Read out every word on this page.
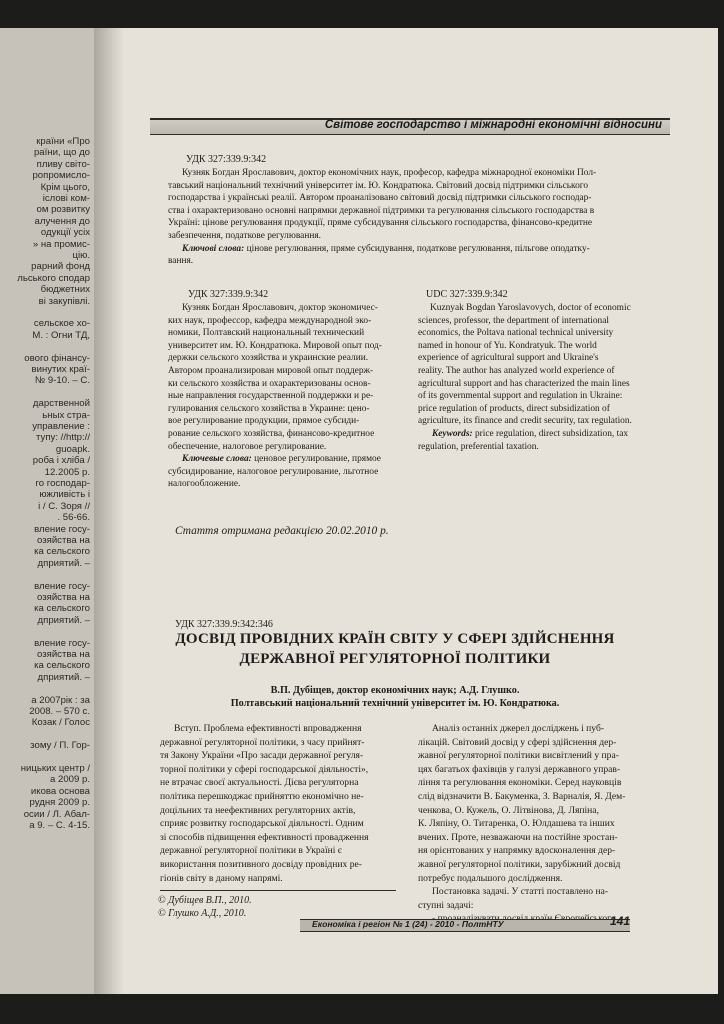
країни «Про
раїни, що до
пливу світо-
ропромисло-
Крім цього,
іслові ком-
ом розвитку
алучення до
одукції усіх
» на промис-
цію.
рарний фонд
льського сподар
бюджетних
ві закупівлі.
сельское хо-
М. : Огни ТД,
ового фінансу-
винутих краї-
№ 9-10. – С.
дарственной
ьных стра-
управление :
тупу: //http://
guoapk.
роба і хліба /
12.2005 р.
го господар-
южливість і
і / С. Зоря //
. 56-66.
вление госу-
озяйства на
ка сельского
дприятий. –
вление госу-
озяйства на
ка сельского
дприятий. –
вление госу-
озяйства на
ка сельского
дприятий. –
а 2007рік : за
2008. – 570 с.
Козак / Голос
зому / П. Гор-
ницьких центр /
а 2009 р.
икова основа
рудня 2009 р.
осии / Л. Абал-
а 9. – С. 4-15.
Світове господарство і міжнародні економічні відносини
УДК 327:339.9:342
Кузняк Богдан Ярославович, доктор економічних наук, професор, кафедра міжнародної економіки Пол-
тавський національний технічний університет ім. Ю. Кондратюка. Світовий досвід підтримки сільського
господарства і українські реалії. Автором проаналізовано світовий досвід підтримки сільського господар-
ства і охарактеризовано основні напрямки державної підтримки та регулювання сільського господарства в
Україні: цінове регулювання продукції, пряме субсидування сільського господарства, фінансово-кредитне
забезпечення, податкове регулювання.
Ключові слова: цінове регулювання, пряме субсидування, податкове регулювання, пільгове оподатку-
вання.
УДК 327:339.9:342
Кузняк Богдан Ярославович, доктор экономичес-
ких наук, профессор, кафедра международной эко-
номики, Полтавский национальный технический
университет им. Ю. Кондратюка. Мировой опыт под-
держки сельского хозяйства и украинские реалии.
Автором проанализирован мировой опыт поддерж-
ки сельского хозяйства и охарактеризованы основ-
ные направления государственной поддержки и ре-
гулирования сельского хозяйства в Украине: цено-
вое регулирование продукции, прямое субсиди-
рование сельского хозяйства, финансово-кредитное
обеспечение, налоговое регулирование.
Ключевые слова: ценовое регулирование, прямое
субсидирование, налоговое регулирование, льготное
налогообложение.
UDC 327:339.9:342
Kuznyak Bogdan Yaroslavovych, doctor of economic
sciences, professor, the department of international
economics, the Poltava national technical university
named in honour of Yu. Kondratyuk. The world
experience of agricultural support and Ukraine's
reality. The author has analyzed world experience of
agricultural support and has characterized the main lines
of its governmental support and regulation in Ukraine:
price regulation of products, direct subsidization of
agriculture, its finance and credit security, tax regulation.
Keywords: price regulation, direct subsidization, tax
regulation, preferential taxation.
Стаття отримана редакцією 20.02.2010 р.
УДК 327:339.9:342:346
ДОСВІД ПРОВІДНИХ КРАЇН СВІТУ У СФЕРІ ЗДІЙСНЕННЯ
ДЕРЖАВНОЇ РЕГУЛЯТОРНОЇ ПОЛІТИКИ
В.П. Дубіщев, доктор економічних наук; А.Д. Глушко.
Полтавський національний технічний університет ім. Ю. Кондратюка.
Вступ. Проблема ефективності впровадження
державної регуляторної політики, з часу прийнят-
тя Закону України «Про засади державної регуля-
торної політики у сфері господарської діяльності»,
не втрачає своєї актуальності. Дієва регуляторна
політика перешкоджає прийняттю економічно не-
доцільних та неефективних регуляторних актів,
сприяє розвитку господарської діяльності. Одним
зі способів підвищення ефективності провадження
державної регуляторної політики в Україні є
використання позитивного досвіду провідних ре-
гіонів світу в даному напрямі.
Аналіз останніх джерел досліджень і пуб-
лікацій. Світовий досвід у сфері здійснення дер-
жавної регуляторної політики висвітлений у пра-
цях багатьох фахівців у галузі державного управ-
ління та регулювання економіки. Серед науковців
слід відзначити В. Бакуменка, З. Варналія, Я. Дем-
ченкова, О. Кужель, О. Літвінова, Д. Ляпіна,
К. Ляпіну, О. Титаренка, О. Юлдашева та інших
вчених. Проте, незважаючи на постійне зростан-
ня орієнтованих у напрямку вдосконалення дер-
жавної регуляторної політики, зарубіжний досвід
потребує подальшого дослідження.
Постановка задачі. У статті поставлено на-
ступні задачі:
© Дубіщев В.П., 2010.
© Глушко А.Д., 2010.
Економіка і регіон № 1 (24) - 2010 - ПолтНТУ	141
